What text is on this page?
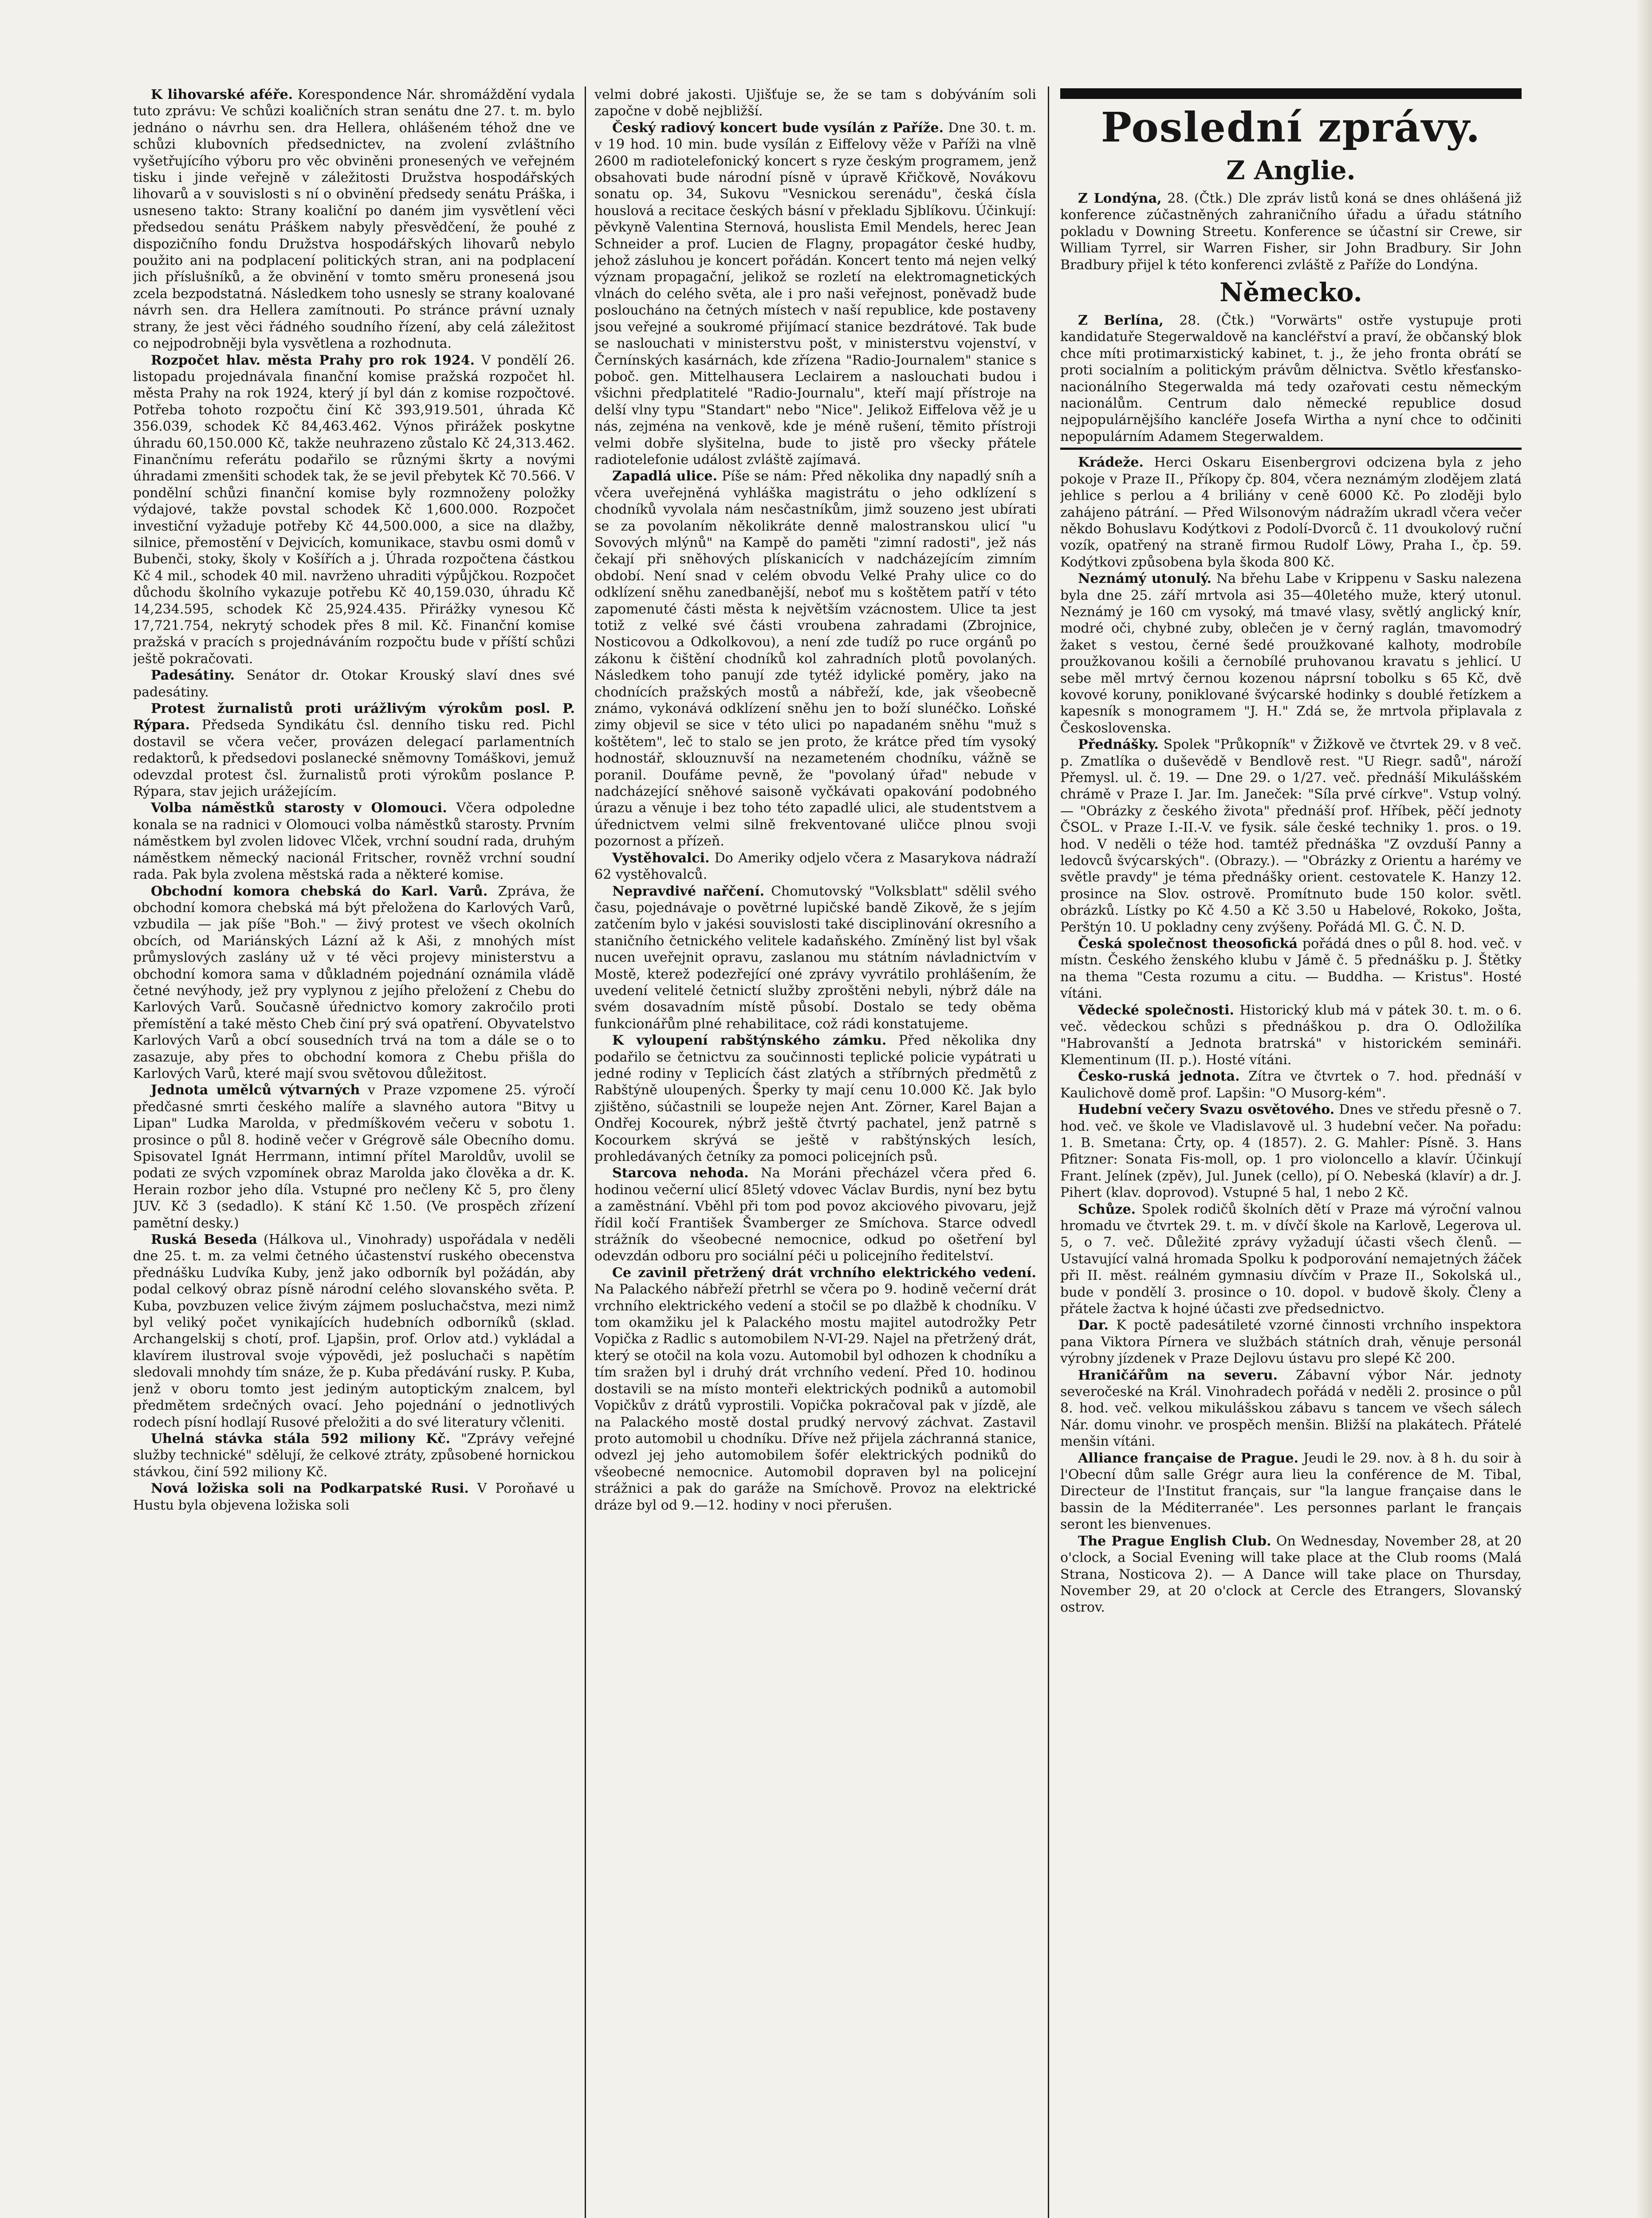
K lihovarské aféře. Korespondence Nár. shromáždění vydala tuto zprávu: Ve schůzi koaličních stran senátu dne 27. t. m. bylo jednáno o návrhu sen. dra Hellera, ohlášeném téhož dne ve schůzi klubovních předsednictev, na zvolení zvláštního vyšetřujícího výboru pro věc obviněni pronesených ve veřejném tisku i jinde veřejně v záležitosti Družstva hospodářských lihovarů a v souvislosti s ní o obvinění předsedy senátu Práška, i usneseno takto: Strany koaliční po daném jim vysvětlení věci předsedou senátu Práškem nabyly přesvědčení, že pouhé z dispozičního fondu Družstva hospodářských lihovarů nebylo použito ani na podplacení politických stran, ani na podplacení jich příslušníků, a že obvinění v tomto směru pronesená jsou zcela bezpodstatná. Následkem toho usnesly se strany koalované návrh sen. dra Hellera zamítnouti. Po stránce právní uznaly strany, že jest věci řádného soudního řízení, aby celá záležitost co nejpodrobněji byla vysvětlena a rozhodnuta.

Rozpočet hlav. města Prahy pro rok 1924. V pondělí 26. listopadu projednávala finanční komise pražská rozpočet hl. města Prahy na rok 1924, který jí byl dán z komise rozpočtové. Potřeba tohoto rozpočtu činí Kč 393,919.501, úhrada Kč 356.039, schodek Kč 84,463.462. Výnos přirážek poskytne úhradu 60,150.000 Kč, takže neuhrazeno zůstalo Kč 24,313.462. Finančnímu referátu podařilo se různými škrty a novými úhradami zmenšiti schodek tak, že se jevil přebytek Kč 70.566. V pondělní schůzi finanční komise byly rozmnoženy položky výdajové, takže povstal schodek Kč 1,600.000. Rozpočet investiční vyžaduje potřeby Kč 44,500.000, a sice na dlažby, silnice, přemostění v Dejvicích, komunikace, stavbu osmi domů v Bubenči, stoky, školy v Košířích a j. Úhrada rozpočtena částkou Kč 4 mil., schodek 40 mil. navrženo uhraditi výpůjčkou. Rozpočet důchodu školního vykazuje potřebu Kč 40,159.030, úhradu Kč 14,234.595, schodek Kč 25,924.435. Přirážky vynesou Kč 17,721.754, nekrytý schodek přes 8 mil. Kč. Finanční komise pražská v pracích s projednáváním rozpočtu bude v příští schůzi ještě pokračovati.

Padesátiny. Senátor dr. Otokar Krouský slaví dnes své padesátiny.

Protest žurnalistů proti urážlivým výrokům posl. P. Rýpara. Předseda Syndikátu čsl. denního tisku red. Pichl dostavil se včera večer, provázen delegací parlamentních redaktorů, k předsedovi poslanecké sněmovny Tomáškovi, jemuž odevzdal protest čsl. žurnalistů proti výrokům poslance P. Rýpara, stav jejich urážejícím.

Volba náměstků starosty v Olomouci. Včera odpoledne konala se na radnici v Olomouci volba náměstků starosty. Prvním náměstkem byl zvolen lidovec Vlček, vrchní soudní rada, druhým náměstkem německý nacionál Fritscher, rovněž vrchní soudní rada. Pak byla zvolena městská rada a některé komise.

Obchodní komora chebská do Karl. Varů. Zpráva, že obchodní komora chebská má být přeložena do Karlových Varů, vzbudila — jak píše "Boh." — živý protest ve všech okolních obcích, od Mariánských Lázní až k Aši, z mnohých míst průmyslových zaslány už v té věci projevy ministerstvu a obchodní komora sama v důkladném pojednání oznámila vládě četné nevýhody, jež pry vyplynou z jejího přeložení z Chebu do Karlových Varů. Současně úřednictvo komory zakročilo proti přemístění a také město Cheb činí prý svá opatření. Obyvatelstvo Karlových Varů a obcí sousedních trvá na tom a dále se o to zasazuje, aby přes to obchodní komora z Chebu přišla do Karlových Varů, které mají svou světovou důležitost.

Jednota umělců výtvarných v Praze vzpomene 25. výročí předčasné smrti českého malíře a slavného autora "Bitvy u Lipan" Ludka Marolda, v předmíškovém večeru v sobotu 1. prosince o půl 8. hodině večer v Grégrově sále Obecního domu. Spisovatel Ignát Herrmann, intimní přítel Maroldův, uvolil se podati ze svých vzpomínek obraz Marolda jako člověka a dr. K. Herain rozbor jeho díla. Vstupné pro nečleny Kč 5, pro členy JUV. Kč 3 (sedadlo). K stání Kč 1.50. (Ve prospěch zřízení pamětní desky.)

Ruská Beseda (Hálkova ul., Vinohrady) uspořádala v neděli dne 25. t. m. za velmi četného účastenství ruského obecenstva přednášku Ludvíka Kuby, jenž jako odborník byl požádán, aby podal celkový obraz písně národní celého slovanského světa. P. Kuba, povzbuzen velice živým zájmem posluchačstva, mezi nimž byl veliký počet vynikajících hudebních odborníků (sklad. Archangelskij s chotí, prof. Ljapšin, prof. Orlov atd.) vykládal a klavírem ilustroval svoje výpovědi, jež posluchači s napětím sledovali mnohdy tím snáze, že p. Kuba předávání rusky. P. Kuba, jenž v oboru tomto jest jediným autoptickým znalcem, byl předmětem srdečných ovací. Jeho pojednání o jednotlivých rodech písní hodlají Rusové přeložiti a do své literatury včleniti.

Uhelná stávka stála 592 miliony Kč. "Zprávy veřejné služby technické" sdělují, že celkové ztráty, způsobené hornickou stávkou, činí 592 miliony Kč.

Nová ložiska soli na Podkarpatské Rusi. V Poroňavé u Hustu byla objevena ložiska soli

velmi dobré jakosti. Ujišťuje se, že se tam s dobýváním soli započne v době nejbližší.

Český radiový koncert bude vysílán z Paříže. Dne 30. t. m. v 19 hod. 10 min. bude vysílán z Eiffelovy věže v Paříži na vlně 2600 m radiotelefonický koncert s ryze českým programem, jenž obsahovati bude národní písně v úpravě Křičkově, Novákovu sonatu op. 34, Sukovu "Vesnickou serenádu", česká čísla houslová a recitace českých básní v překladu Sjblíkovu. Účinkují: pěvkyně Valentina Sternová, houslista Emil Mendels, herec Jean Schneider a prof. Lucien de Flagny, propagátor české hudby, jehož zásluhou je koncert pořádán. Koncert tento má nejen velký význam propagační, jelikož se rozletí na elektromagnetických vlnách do celého světa, ale i pro naši veřejnost, poněvadž bude posloucháno na četných místech v naší republice, kde postaveny jsou veřejné a soukromé přijímací stanice bezdrátové. Tak bude se naslouchati v ministerstvu pošt, v ministerstvu vojenství, v Černínských kasárnách, kde zřízena "Radio-Journalem" stanice s poboč. gen. Mittelhausera Leclairem a naslouchati budou i všichni předplatitelé "Radio-Journalu", kteří mají přístroje na delší vlny typu "Standart" nebo "Nice". Jelikož Eiffelova věž je u nás, zejména na venkově, kde je méně rušení, těmito přístroji velmi dobře slyšitelna, bude to jistě pro všecky přátele radiotelefonie událost zvláště zajímavá.

Zapadlá ulice. Píše se nám: Před několika dny napadlý sníh a včera uveřejněná vyhláška magistrátu o jeho odklízení s chodníků vyvolala nám nesčastníkům, jimž souzeno jest ubírati se za povolaním několikráte denně malostranskou ulicí "u Sovových mlýnů" na Kampě do paměti "zimní radosti", jež nás čekají při sněhových plískanicích v nadcházejícím zimním období. Není snad v celém obvodu Velké Prahy ulice co do odklízení sněhu zanedbanější, neboť mu s koštětem patří v této zapomenuté části města k největším vzácnostem. Ulice ta jest totiž z velké své části vroubena zahradami (Zbrojnice, Nosticovou a Odkolkovou), a není zde tudíž po ruce orgánů po zákonu k čištění chodníků kol zahradních plotů povolaných. Následkem toho panují zde tytéž idylické poměry, jako na chodnících pražských mostů a nábřeží, kde, jak všeobecně známo, vykonává odklízení sněhu jen to boží slunéčko. Loňské zimy objevil se sice v této ulici po napadaném sněhu "muž s koštětem", leč to stalo se jen proto, že krátce před tím vysoký hodnostář, sklouznuvší na nezameteném chodníku, vážně se poranil. Doufáme pevně, že "povolaný úřad" nebude v nadcházející sněhové saisoně vyčkávati opakování podobného úrazu a věnuje i bez toho této zapadlé ulici, ale studentstvem a úřednictvem velmi silně frekventované uličce plnou svoji pozornost a přízeň.

Vystěhovalci. Do Ameriky odjelo včera z Masarykova nádraží 62 vystěhovalců.

Nepravdivé nařčení. Chomutovský "Volksblatt" sdělil svého času, pojednávaje o povětrné lupičské bandě Zikově, že s jejím zatčením bylo v jakési souvislosti také disciplinování okresního a staničního četnického velitele kadaňského. Zmíněný list byl však nucen uveřejnit opravu, zaslanou mu státním návladnictvím v Mostě, kterež podezřející oné zprávy vyvrátilo prohlášením, že uvedení velitelé četnictí služby zproštěni nebyli, nýbrž dále na svém dosavadním místě působí. Dostalo se tedy oběma funkcionářům plné rehabilitace, což rádi konstatujeme.

K vyloupení rabštýnského zámku. Před několika dny podařilo se četnictvu za součinnosti teplické policie vypátrati u jedné rodiny v Teplicích část zlatých a stříbrných předmětů z Rabštýně uloupených. Šperky ty mají cenu 10.000 Kč. Jak bylo zjištěno, súčastnili se loupeže nejen Ant. Zörner, Karel Bajan a Ondřej Kocourek, nýbrž ještě čtvrtý pachatel, jenž patrně s Kocourkem skrývá se ještě v rabštýnských lesích, prohledávaných četníky za pomoci policejních psů.

Starcova nehoda. Na Moráni přecházel včera před 6. hodinou večerní ulicí 85letý vdovec Václav Burdis, nyní bez bytu a zaměstnání. Vběhl při tom pod povoz akciového pivovaru, jejž řídil kočí František Švamberger ze Smíchova. Starce odvedl strážník do všeobecné nemocnice, odkud po ošetření byl odevzdán odboru pro sociální péči u policejního ředitelství.

Ce zavinil přetržený drát vrchního elektrického vedení. Na Palackého nábřeží přetrhl se včera po 9. hodině večerní drát vrchního elektrického vedení a stočil se po dlažbě k chodníku. V tom okamžiku jel k Palackého mostu majitel autodrožky Petr Vopička z Radlic s automobilem N-VI-29. Najel na přetržený drát, který se otočil na kola vozu. Automobil byl odhozen k chodníku a tím sražen byl i druhý drát vrchního vedení. Před 10. hodinou dostavili se na místo monteři elektrických podniků a automobil Vopičkův z drátů vyprostili. Vopička pokračoval pak v jízdě, ale na Palackého mostě dostal prudký nervový záchvat. Zastavil proto automobil u chodníku. Dříve než přijela záchranná stanice, odvezl jej jeho automobilem šofér elektrických podniků do všeobecné nemocnice. Automobil dopraven byl na policejní strážnici a pak do garáže na Smíchově. Provoz na elektrické dráze byl od 9.—12. hodiny v noci přerušen.

Poslední zprávy.
Z Anglie.

Z Londýna, 28. (Čtk.) Dle zpráv listů koná se dnes ohlášená již konference zúčastněných zahraničního úřadu a úřadu státního pokladu v Downing Streetu. Konference se účastní sir Crewe, sir William Tyrrel, sir Warren Fisher, sir John Bradbury. Sir John Bradbury přijel k této konferenci zvláště z Paříže do Londýna.

Německo.

Z Berlína, 28. (Čtk.) "Vorwärts" ostře vystupuje proti kandidatuře Stegerwaldově na kancléřství a praví, že občanský blok chce míti protimarxistický kabinet, t. j., že jeho fronta obrátí se proti socialním a politickým právům dělnictva. Světlo křesťansko-nacionálního Stegerwalda má tedy ozařovati cestu německým nacionálům. Centrum dalo německé republice dosud nejpopulárnějšího kancléře Josefa Wirtha a nyní chce to odčiniti nepopulárním Adamem Stegerwaldem.

Krádeže. Herci Oskaru Eisenbergrovi odcizena byla z jeho pokoje v Praze II., Příkopy čp. 804, včera neznámým zlodějem zlatá jehlice s perlou a 4 briliány v ceně 6000 Kč. Po zloději bylo zahájeno pátrání. — Před Wilsonovým nádražím ukradl včera večer někdo Bohuslavu Kodýtkovi z Podolí-Dvorců č. 11 dvoukolový ruční vozík, opatřený na straně firmou Rudolf Löwy, Praha I., čp. 59. Kodýtkovi způsobena byla škoda 800 Kč.

Neznámý utonulý. Na břehu Labe v Krippenu v Sasku nalezena byla dne 25. září mrtvola asi 35—40letého muže, který utonul. Neznámý je 160 cm vysoký, má tmavé vlasy, světlý anglický knír, modré oči, chybné zuby, oblečen je v černý raglán, tmavomodrý žaket s vestou, černé šedé proužkované kalhoty, modrobíle proužkovanou košili a černobílé pruhovanou kravatu s jehlicí. U sebe měl mrtvý černou kozenou náprsní tobolku s 65 Kč, dvě kovové koruny, poniklované švýcarské hodinky s doublé řetízkem a kapesník s monogramem "J. H." Zdá se, že mrtvola připlavala z Československa.

Přednášky. Spolek "Průkopník" v Žižkově ve čtvrtek 29. v 8 več. p. Zmatlíka o duševědě v Bendlově rest. "U Riegr. sadů", nároží Přemysl. ul. č. 19. — Dne 29. o 1/27. več. přednáší Mikulášském chrámě v Praze I. Jar. Im. Janeček: "Síla prvé církve". Vstup volný. — "Obrázky z českého života" přednáší prof. Hříbek, pěčí jednoty ČSOL. v Praze I.-II.-V. ve fysik. sále české techniky 1. pros. o 19. hod. V neděli o téže hod. tamtéž přednáška "Z ovzduší Panny a ledovců švýcarských". (Obrazy.). — "Obrázky z Orientu a harémy ve světle pravdy" je téma přednášky orient. cestovatele K. Hanzy 12. prosince na Slov. ostrově. Promítnuto bude 150 kolor. světl. obrázků. Lístky po Kč 4.50 a Kč 3.50 u Habelové, Rokoko, Jošta, Perštýn 10. U pokladny ceny zvýšeny. Pořádá Ml. G. Č. N. D.

Česká společnost theosofická pořádá dnes o půl 8. hod. več. v místn. Českého ženského klubu v Jámě č. 5 přednášku p. J. Štětky na thema "Cesta rozumu a citu. — Buddha. — Kristus". Hosté vítáni.

Vědecké společnosti. Historický klub má v pátek 30. t. m. o 6. več. vědeckou schůzi s přednáškou p. dra O. Odložilíka "Habrovanští a Jednota bratrská" v historickém semináři. Klementinum (II. p.). Hosté vítáni.

Česko-ruská jednota. Zítra ve čtvrtek o 7. hod. přednáší v Kaulichově domě prof. Lapšin: "O Musorg-kém".

Hudební večery Svazu osvětového. Dnes ve středu přesně o 7. hod. več. ve škole ve Vladislavově ul. 3 hudební večer. Na pořadu: 1. B. Smetana: Črty, op. 4 (1857). 2. G. Mahler: Písně. 3. Hans Pfitzner: Sonata Fis-moll, op. 1 pro violoncello a klavír. Účinkují Frant. Jelínek (zpěv), Jul. Junek (cello), pí O. Nebeská (klavír) a dr. J. Pihert (klav. doprovod). Vstupné 5 hal, 1 nebo 2 Kč.

Schůze. Spolek rodičů školních dětí v Praze má výroční valnou hromadu ve čtvrtek 29. t. m. v dívčí škole na Karlově, Legerova ul. 5, o 7. več. Důležité zprávy vyžadují účasti všech členů. — Ustavující valná hromada Spolku k podporování nemajetných žáček při II. měst. reálném gymnasiu dívčím v Praze II., Sokolská ul., bude v pondělí 3. prosince o 10. dopol. v budově školy. Členy a přátele žactva k hojné účasti zve předsednictvo.

Dar. K poctě padesátileté vzorné činnosti vrchního inspektora pana Viktora Pírnera ve službách státních drah, věnuje personál výrobny jízdenek v Praze Dejlovu ústavu pro slepé Kč 200.

Hraničářům na severu. Zábavní výbor Nár. jednoty severočeské na Král. Vinohradech pořádá v neděli 2. prosince o půl 8. hod. več. velkou mikulášskou zábavu s tancem ve všech sálech Nár. domu vinohr. ve prospěch menšin. Bližší na plakátech. Přátelé menšin vítáni.

Alliance française de Prague. Jeudi le 29. nov. à 8 h. du soir à l'Obecní dům salle Grégr aura lieu la conférence de M. Tibal, Directeur de l'Institut français, sur "la langue française dans le bassin de la Méditerranée". Les personnes parlant le français seront les bienvenues.

The Prague English Club. On Wednesday, November 28, at 20 o'clock, a Social Evening will take place at the Club rooms (Malá Strana, Nosticova 2). — A Dance will take place on Thursday, November 29, at 20 o'clock at Cercle des Etrangers, Slovanský ostrov.
